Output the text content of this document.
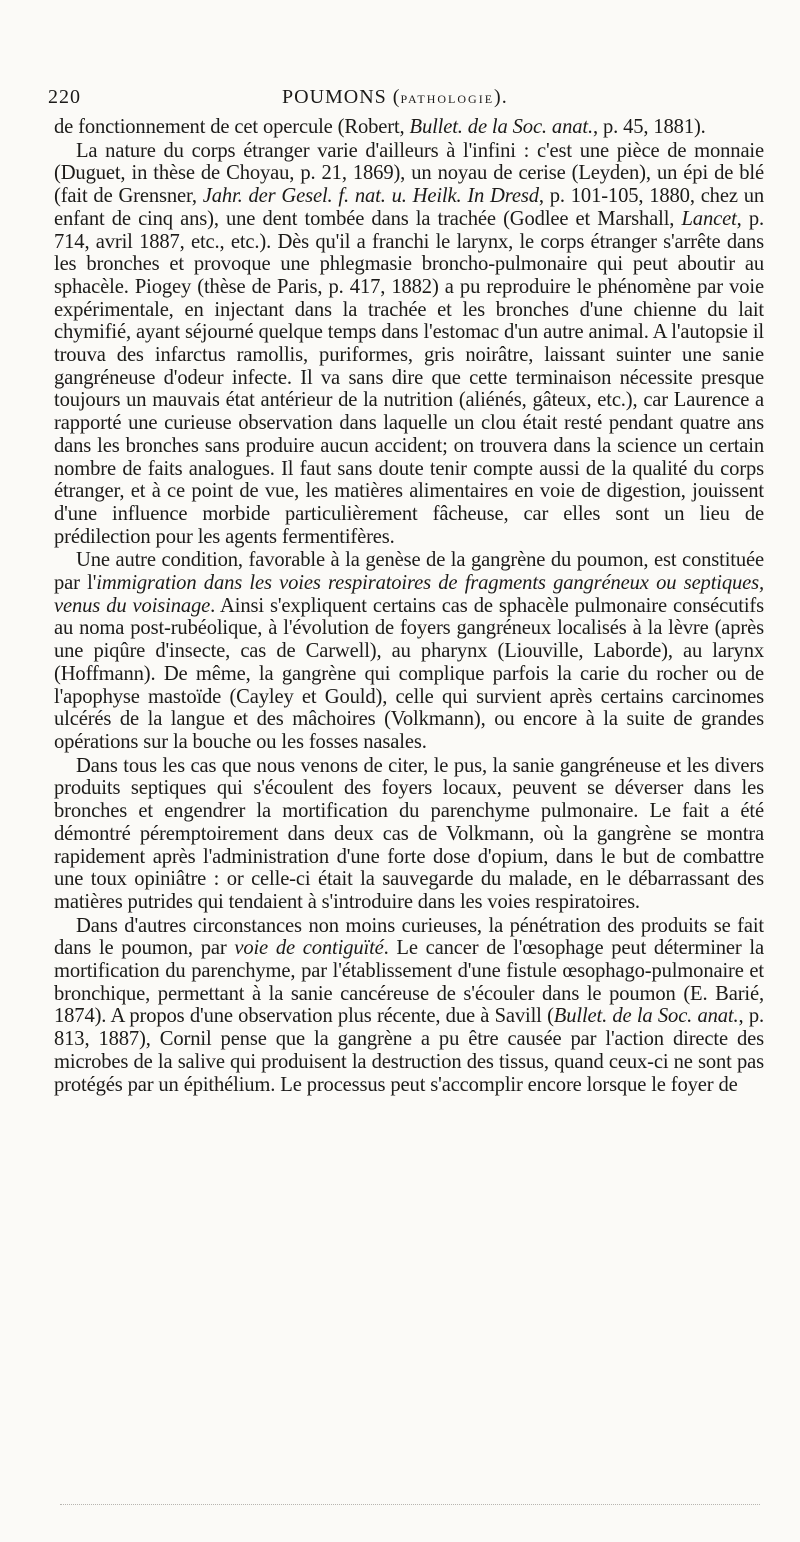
220	POUMONS (PATHOLOGIE).

de fonctionnement de cet opercule (Robert, Bullet. de la Soc. anat., p. 45, 1881).

La nature du corps étranger varie d'ailleurs à l'infini : c'est une pièce de monnaie (Duguet, in thèse de Choyau, p. 21, 1869), un noyau de cerise (Leyden), un épi de blé (fait de Grensner, Jahr. der Gesel. f. nat. u. Heilk. In Dresd, p. 101-105, 1880, chez un enfant de cinq ans), une dent tombée dans la trachée (Godlee et Marshall, Lancet, p. 714, avril 1887, etc., etc.). Dès qu'il a franchi le larynx, le corps étranger s'arrête dans les bronches et provoque une phlegmasie broncho-pulmonaire qui peut aboutir au sphacèle. Piogey (thèse de Paris, p. 417, 1882) a pu reproduire le phénomène par voie expérimentale, en injectant dans la trachée et les bronches d'une chienne du lait chymifié, ayant séjourné quelque temps dans l'estomac d'un autre animal. A l'autopsie il trouva des infarctus ramollis, puriformes, gris noirâtre, laissant suinter une sanie gangréneuse d'odeur infecte. Il va sans dire que cette terminaison nécessite presque toujours un mauvais état antérieur de la nutrition (aliénés, gâteux, etc.), car Laurence a rapporté une curieuse observation dans laquelle un clou était resté pendant quatre ans dans les bronches sans produire aucun accident; on trouvera dans la science un certain nombre de faits analogues. Il faut sans doute tenir compte aussi de la qualité du corps étranger, et à ce point de vue, les matières alimentaires en voie de digestion, jouissent d'une influence morbide particulièrement fâcheuse, car elles sont un lieu de prédilection pour les agents fermentifères.

Une autre condition, favorable à la genèse de la gangrène du poumon, est constituée par l'immigration dans les voies respiratoires de fragments gangréneux ou septiques, venus du voisinage. Ainsi s'expliquent certains cas de sphacèle pulmonaire consécutifs au noma post-rubéolique, à l'évolution de foyers gangréneux localisés à la lèvre (après une piqûre d'insecte, cas de Carwell), au pharynx (Liouville, Laborde), au larynx (Hoffmann). De même, la gangrène qui complique parfois la carie du rocher ou de l'apophyse mastoïde (Cayley et Gould), celle qui survient après certains carcinomes ulcérés de la langue et des mâchoires (Volkmann), ou encore à la suite de grandes opérations sur la bouche ou les fosses nasales.

Dans tous les cas que nous venons de citer, le pus, la sanie gangréneuse et les divers produits septiques qui s'écoulent des foyers locaux, peuvent se déverser dans les bronches et engendrer la mortification du parenchyme pulmonaire. Le fait a été démontré péremptoirement dans deux cas de Volkmann, où la gangrène se montra rapidement après l'administration d'une forte dose d'opium, dans le but de combattre une toux opiniâtre : or celle-ci était la sauvegarde du malade, en le débarrassant des matières putrides qui tendaient à s'introduire dans les voies respiratoires.

Dans d'autres circonstances non moins curieuses, la pénétration des produits se fait dans le poumon, par voie de contiguïté. Le cancer de l'œsophage peut déterminer la mortification du parenchyme, par l'établissement d'une fistule œsophago-pulmonaire et bronchique, permettant à la sanie cancéreuse de s'écouler dans le poumon (E. Barié, 1874). A propos d'une observation plus récente, due à Savill (Bullet. de la Soc. anat., p. 813, 1887), Cornil pense que la gangrène a pu être causée par l'action directe des microbes de la salive qui produisent la destruction des tissus, quand ceux-ci ne sont pas protégés par un épithélium. Le processus peut s'accomplir encore lorsque le foyer de
